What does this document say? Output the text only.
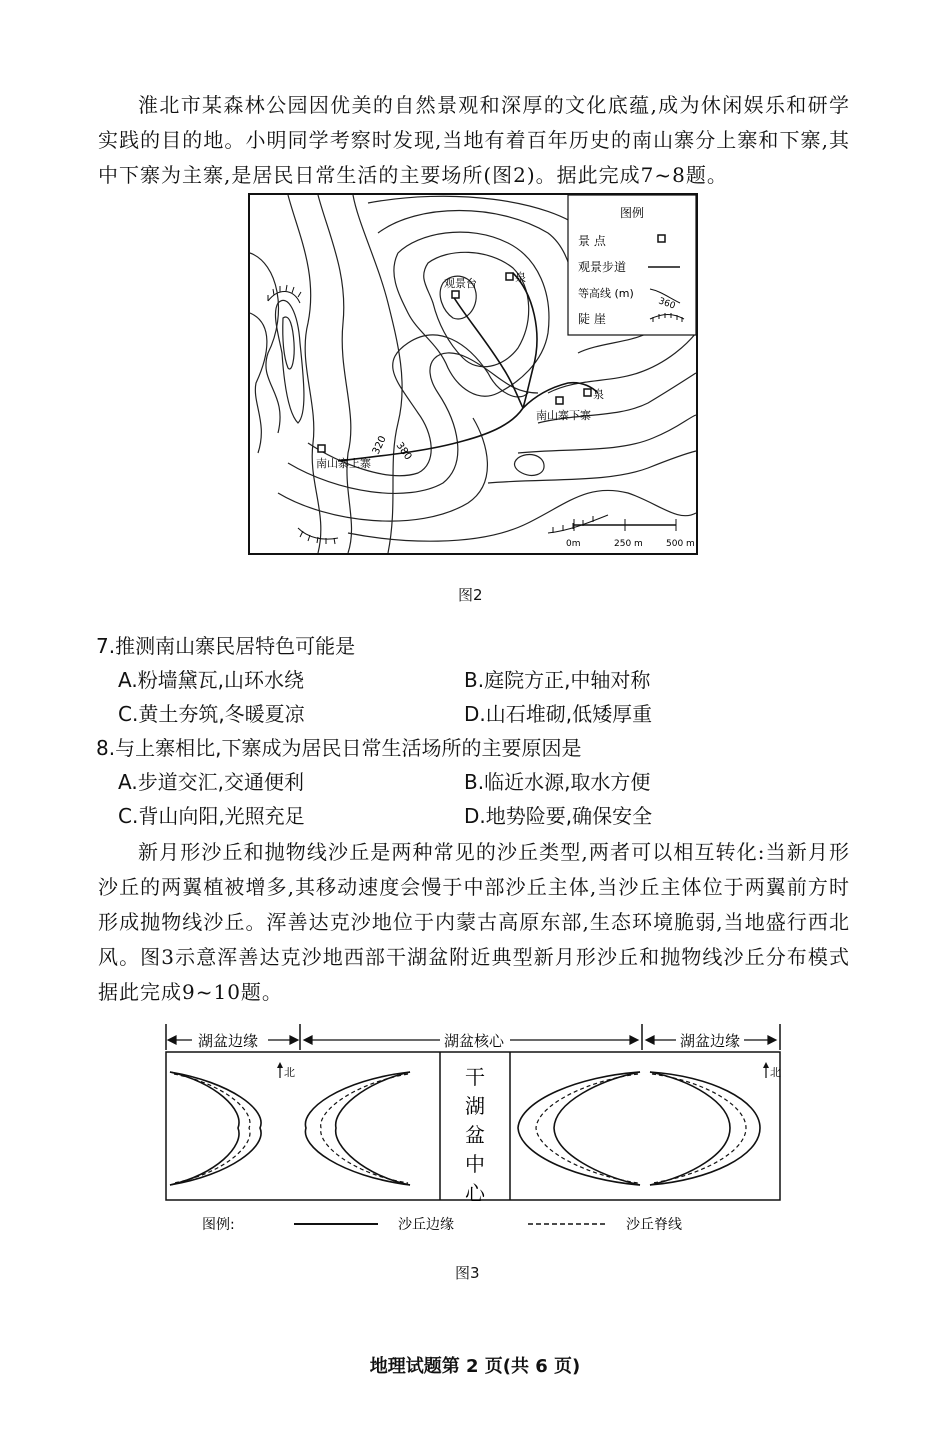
淮北市某森林公园因优美的自然景观和深厚的文化底蕴,成为休闲娱乐和研学实践的目的地。小明同学考察时发现,当地有着百年历史的南山寨分上寨和下寨,其中下寨为主寨,是居民日常生活的主要场所(图2)。据此完成7~8题。
图例
景 点
观景步道
等高线 (m)
360
陡 崖
观景台	泉
泉
南山寨下寨
南山寨上寨
380
320
0m	250 m	500 m
图2
7.推测南山寨民居特色可能是
A.粉墙黛瓦,山环水绕	B.庭院方正,中轴对称
C.黄土夯筑,冬暖夏凉	D.山石堆砌,低矮厚重
8.与上寨相比,下寨成为居民日常生活场所的主要原因是
A.步道交汇,交通便利	B.临近水源,取水方便
C.背山向阳,光照充足	D.地势险要,确保安全
新月形沙丘和抛物线沙丘是两种常见的沙丘类型,两者可以相互转化:当新月形沙丘的两翼植被增多,其移动速度会慢于中部沙丘主体,当沙丘主体位于两翼前方时形成抛物线沙丘。浑善达克沙地位于内蒙古高原东部,生态环境脆弱,当地盛行西北风。图3示意浑善达克沙地西部干湖盆附近典型新月形沙丘和抛物线沙丘分布模式据此完成9~10题。
湖盆边缘	湖盆核心	湖盆边缘
干
湖
盆
中
心
北	北
图例:	沙丘边缘	沙丘脊线
图3
地理试题第 2 页(共 6 页)
